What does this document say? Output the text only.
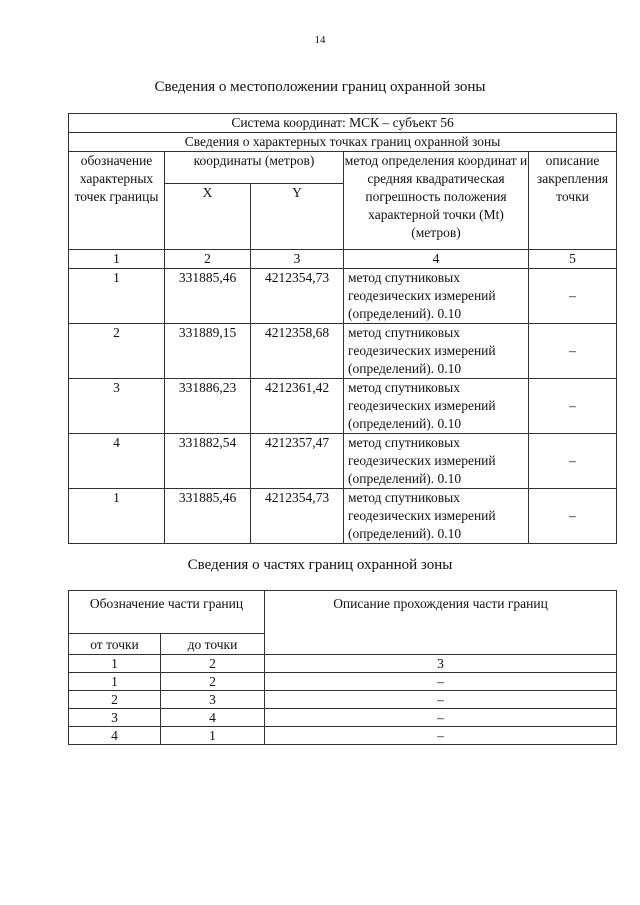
14
Сведения о местоположении границ охранной зоны
Система координат: МСК – субъект 56				
Сведения о характерных точках границ охранной зоны				
обозначение характерных точек границы	координаты (метров)		метод определения координат и средняя квадратическая погрешность положения характерной точки (Mt) (метров)	описание закрепления точки
	X	Y		
1	2	3	4	5
1	331885,46	4212354,73	метод спутниковых геодезических измерений (определений). 0.10	–
2	331889,15	4212358,68	метод спутниковых геодезических измерений (определений). 0.10	–
3	331886,23	4212361,42	метод спутниковых геодезических измерений (определений). 0.10	–
4	331882,54	4212357,47	метод спутниковых геодезических измерений (определений). 0.10	–
1	331885,46	4212354,73	метод спутниковых геодезических измерений (определений). 0.10	–
Сведения о частях границ охранной зоны
Обозначение части границ		Описание прохождения части границ
от точки	до точки	
1	2	3
1	2	–
2	3	–
3	4	–
4	1	–
